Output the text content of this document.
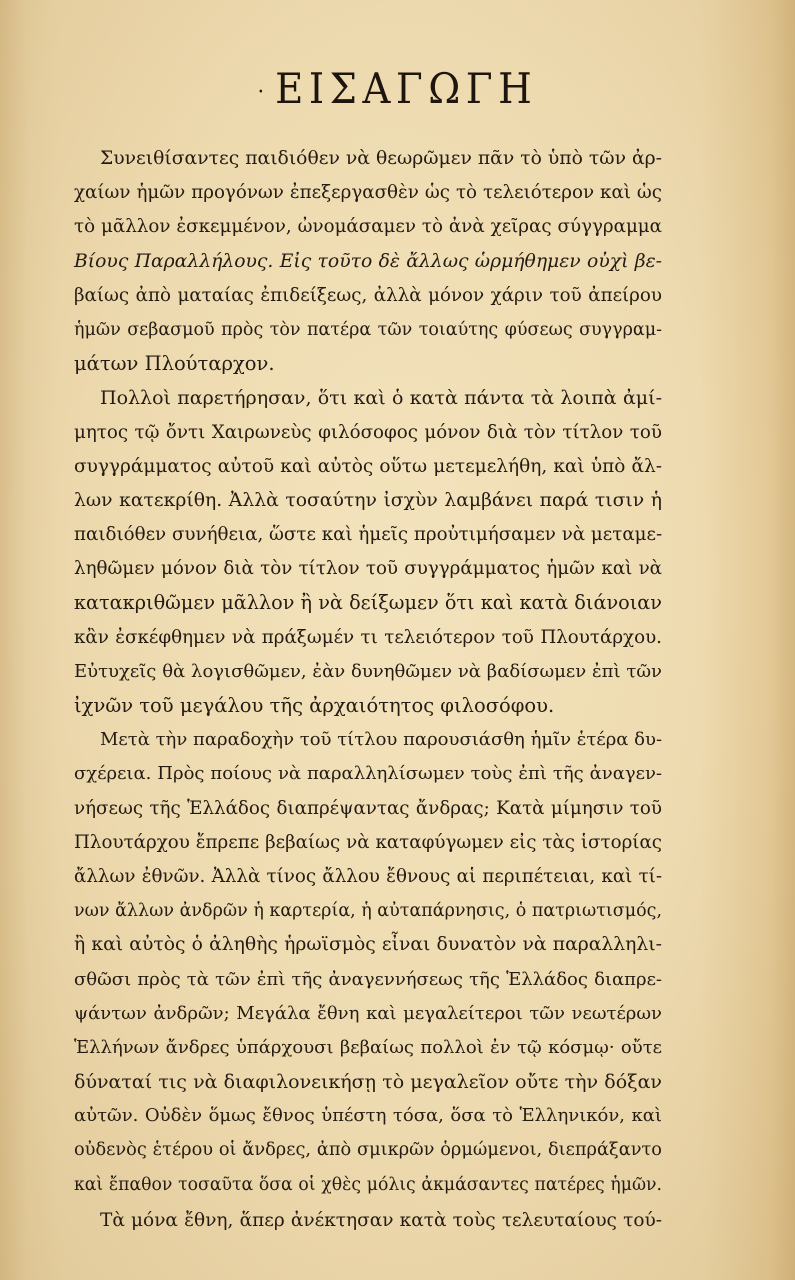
· ΕΙΣΑΓΩΓΗ
Συνειθίσαντες παιδιόθεν νὰ θεωρῶμεν πᾶν τὸ ὑπὸ τῶν ἀρ-
χαίων ἡμῶν προγόνων ἐπεξεργασθὲν ὡς τὸ τελειότερον καὶ ὡς
τὸ μᾶλλον ἐσκεμμένον, ὠνομάσαμεν τὸ ἀνὰ χεῖρας σύγγραμμα
Βίους Παραλλήλους. Εἰς τοῦτο δὲ ἄλλως ὡρμήθημεν οὐχὶ βε-
βαίως ἀπὸ ματαίας ἐπιδείξεως, ἀλλὰ μόνον χάριν τοῦ ἀπείρου
ἡμῶν σεβασμοῦ πρὸς τὸν πατέρα τῶν τοιαύτης φύσεως συγγραμ-
μάτων Πλούταρχον.
Πολλοὶ παρετήρησαν, ὅτι καὶ ὁ κατὰ πάντα τὰ λοιπὰ ἀμί-
μητος τῷ ὄντι Χαιρωνεὺς φιλόσοφος μόνον διὰ τὸν τίτλον τοῦ
συγγράμματος αὐτοῦ καὶ αὐτὸς οὕτω μετεμελήθη, καὶ ὑπὸ ἄλ-
λων κατεκρίθη. Ἀλλὰ τοσαύτην ἰσχὺν λαμβάνει παρά τισιν ἡ
παιδιόθεν συνήθεια, ὥστε καὶ ἡμεῖς προὐτιμήσαμεν νὰ μεταμε-
ληθῶμεν μόνον διὰ τὸν τίτλον τοῦ συγγράμματος ἡμῶν καὶ νὰ
κατακριθῶμεν μᾶλλον ἢ νὰ δείξωμεν ὅτι καὶ κατὰ διάνοιαν
κἂν ἐσκέφθημεν νὰ πράξωμέν τι τελειότερον τοῦ Πλουτάρχου.
Εὐτυχεῖς θὰ λογισθῶμεν, ἐὰν δυνηθῶμεν νὰ βαδίσωμεν ἐπὶ τῶν
ἰχνῶν τοῦ μεγάλου τῆς ἀρχαιότητος φιλοσόφου.
Μετὰ τὴν παραδοχὴν τοῦ τίτλου παρουσιάσθη ἡμῖν ἑτέρα δυ-
σχέρεια. Πρὸς ποίους νὰ παραλληλίσωμεν τοὺς ἐπὶ τῆς ἀναγεν-
νήσεως τῆς Ἑλλάδος διαπρέψαντας ἄνδρας; Κατὰ μίμησιν τοῦ
Πλουτάρχου ἔπρεπε βεβαίως νὰ καταφύγωμεν εἰς τὰς ἱστορίας
ἄλλων ἐθνῶν. Ἀλλὰ τίνος ἄλλου ἔθνους αἱ περιπέτειαι, καὶ τί-
νων ἄλλων ἀνδρῶν ἡ καρτερία, ἡ αὐταπάρνησις, ὁ πατριωτισμός,
ἢ καὶ αὐτὸς ὁ ἀληθὴς ἡρωϊσμὸς εἶναι δυνατὸν νὰ παραλληλι-
σθῶσι πρὸς τὰ τῶν ἐπὶ τῆς ἀναγεννήσεως τῆς Ἑλλάδος διαπρε-
ψάντων ἀνδρῶν; Μεγάλα ἔθνη καὶ μεγαλείτεροι τῶν νεωτέρων
Ἑλλήνων ἄνδρες ὑπάρχουσι βεβαίως πολλοὶ ἐν τῷ κόσμῳ· οὔτε
δύναταί τις νὰ διαφιλονεικήσῃ τὸ μεγαλεῖον οὔτε τὴν δόξαν
αὐτῶν. Οὐδὲν ὅμως ἔθνος ὑπέστη τόσα, ὅσα τὸ Ἑλληνικόν, καὶ
οὐδενὸς ἑτέρου οἱ ἄνδρες, ἀπὸ σμικρῶν ὁρμώμενοι, διεπράξαντο
καὶ ἔπαθον τοσαῦτα ὅσα οἱ χθὲς μόλις ἀκμάσαντες πατέρες ἡμῶν.
Τὰ μόνα ἔθνη, ἅπερ ἀνέκτησαν κατὰ τοὺς τελευταίους τού-
